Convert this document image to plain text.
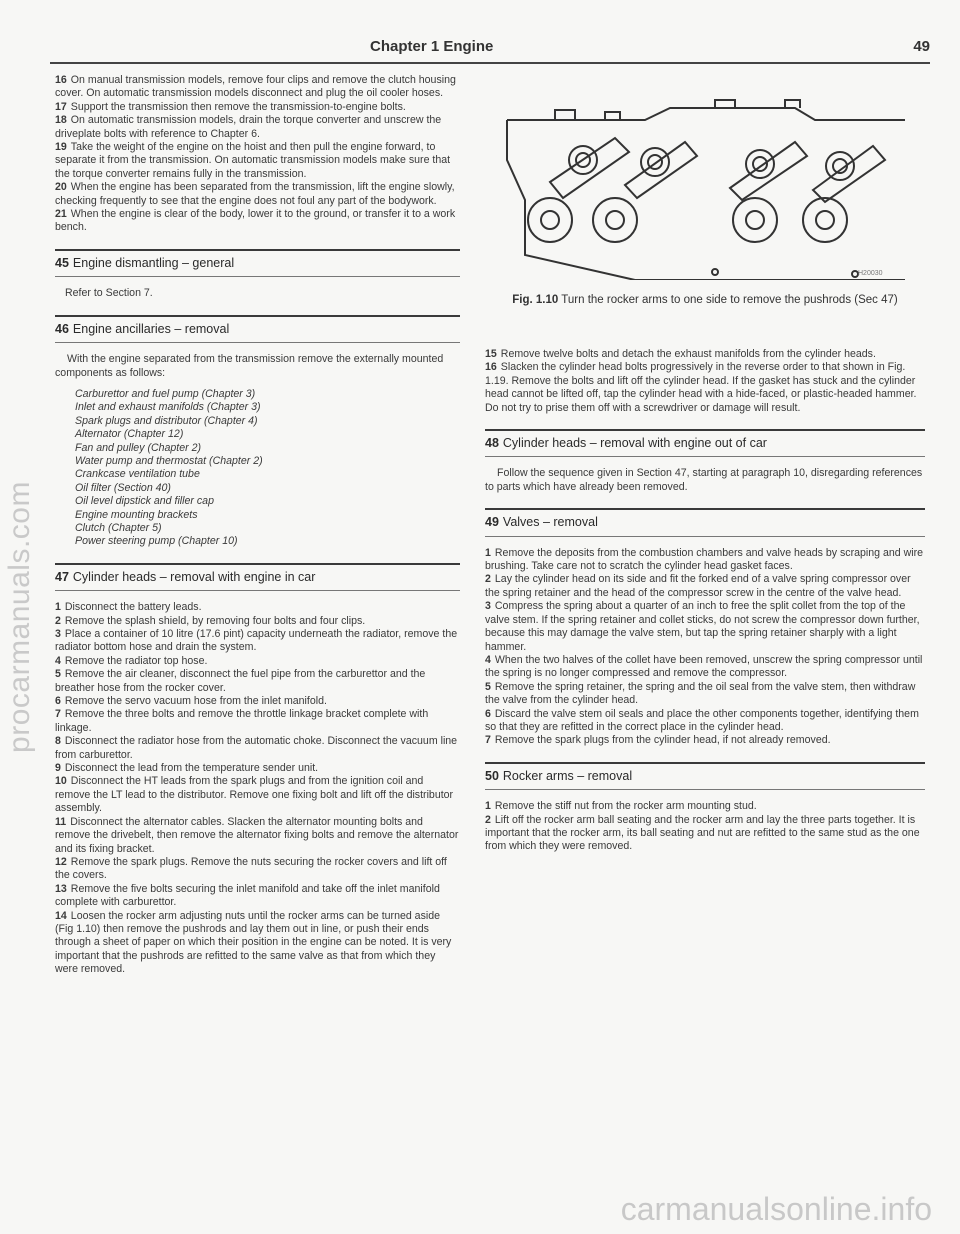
procarmanuals.com
carmanualsonline.info
Chapter 1 Engine	49

16 On manual transmission models, remove four clips and remove the clutch housing cover. On automatic transmission models disconnect and plug the oil cooler hoses.

17 Support the transmission then remove the transmission-to-engine bolts.

18 On automatic transmission models, drain the torque converter and unscrew the driveplate bolts with reference to Chapter 6.

19 Take the weight of the engine on the hoist and then pull the engine forward, to separate it from the transmission. On automatic transmission models make sure that the torque converter remains fully in the transmission.

20 When the engine has been separated from the transmission, lift the engine slowly, checking frequently to see that the engine does not foul any part of the bodywork.

21 When the engine is clear of the body, lower it to the ground, or transfer it to a work bench.

45 Engine dismantling – general

Refer to Section 7.

46 Engine ancillaries – removal

With the engine separated from the transmission remove the externally mounted components as follows:

Carburettor and fuel pump (Chapter 3)
Inlet and exhaust manifolds (Chapter 3)
Spark plugs and distributor (Chapter 4)
Alternator (Chapter 12)
Fan and pulley (Chapter 2)
Water pump and thermostat (Chapter 2)
Crankcase ventilation tube
Oil filter (Section 40)
Oil level dipstick and filler cap
Engine mounting brackets
Clutch (Chapter 5)
Power steering pump (Chapter 10)
47 Cylinder heads – removal with engine in car

1 Disconnect the battery leads.

2 Remove the splash shield, by removing four bolts and four clips.

3 Place a container of 10 litre (17.6 pint) capacity underneath the radiator, remove the radiator bottom hose and drain the system.

4 Remove the radiator top hose.

5 Remove the air cleaner, disconnect the fuel pipe from the carburettor and the breather hose from the rocker cover.

6 Remove the servo vacuum hose from the inlet manifold.

7 Remove the three bolts and remove the throttle linkage bracket complete with linkage.

8 Disconnect the radiator hose from the automatic choke. Disconnect the vacuum line from carburettor.

9 Disconnect the lead from the temperature sender unit.

10 Disconnect the HT leads from the spark plugs and from the ignition coil and remove the LT lead to the distributor. Remove one fixing bolt and lift off the distributor assembly.

11 Disconnect the alternator cables. Slacken the alternator mounting bolts and remove the drivebelt, then remove the alternator fixing bolts and remove the alternator and its fixing bracket.

12 Remove the spark plugs. Remove the nuts securing the rocker covers and lift off the covers.

13 Remove the five bolts securing the inlet manifold and take off the inlet manifold complete with carburettor.

14 Loosen the rocker arm adjusting nuts until the rocker arms can be turned aside (Fig 1.10) then remove the pushrods and lay them out in line, or push their ends through a sheet of paper on which their position in the engine can be noted. It is very important that the pushrods are refitted to the same valve as that from which they were removed.

H20030
Fig. 1.10 Turn the rocker arms to one side to remove the pushrods (Sec 47)

15 Remove twelve bolts and detach the exhaust manifolds from the cylinder heads.

16 Slacken the cylinder head bolts progressively in the reverse order to that shown in Fig. 1.19. Remove the bolts and lift off the cylinder head. If the gasket has stuck and the cylinder head cannot be lifted off, tap the cylinder head with a hide-faced, or plastic-headed hammer. Do not try to prise them off with a screwdriver or damage will result.

48 Cylinder heads – removal with engine out of car

Follow the sequence given in Section 47, starting at paragraph 10, disregarding references to parts which have already been removed.

49 Valves – removal

1 Remove the deposits from the combustion chambers and valve heads by scraping and wire brushing. Take care not to scratch the cylinder head gasket faces.

2 Lay the cylinder head on its side and fit the forked end of a valve spring compressor over the spring retainer and the head of the compressor screw in the centre of the valve head.

3 Compress the spring about a quarter of an inch to free the split collet from the top of the valve stem. If the spring retainer and collet sticks, do not screw the compressor down further, because this may damage the valve stem, but tap the spring retainer sharply with a light hammer.

4 When the two halves of the collet have been removed, unscrew the spring compressor until the spring is no longer compressed and remove the compressor.

5 Remove the spring retainer, the spring and the oil seal from the valve stem, then withdraw the valve from the cylinder head.

6 Discard the valve stem oil seals and place the other components together, identifying them so that they are refitted in the correct place in the cylinder head.

7 Remove the spark plugs from the cylinder head, if not already removed.

50 Rocker arms – removal

1 Remove the stiff nut from the rocker arm mounting stud.

2 Lift off the rocker arm ball seating and the rocker arm and lay the three parts together. It is important that the rocker arm, its ball seating and nut are refitted to the same stud as the one from which they were removed.
